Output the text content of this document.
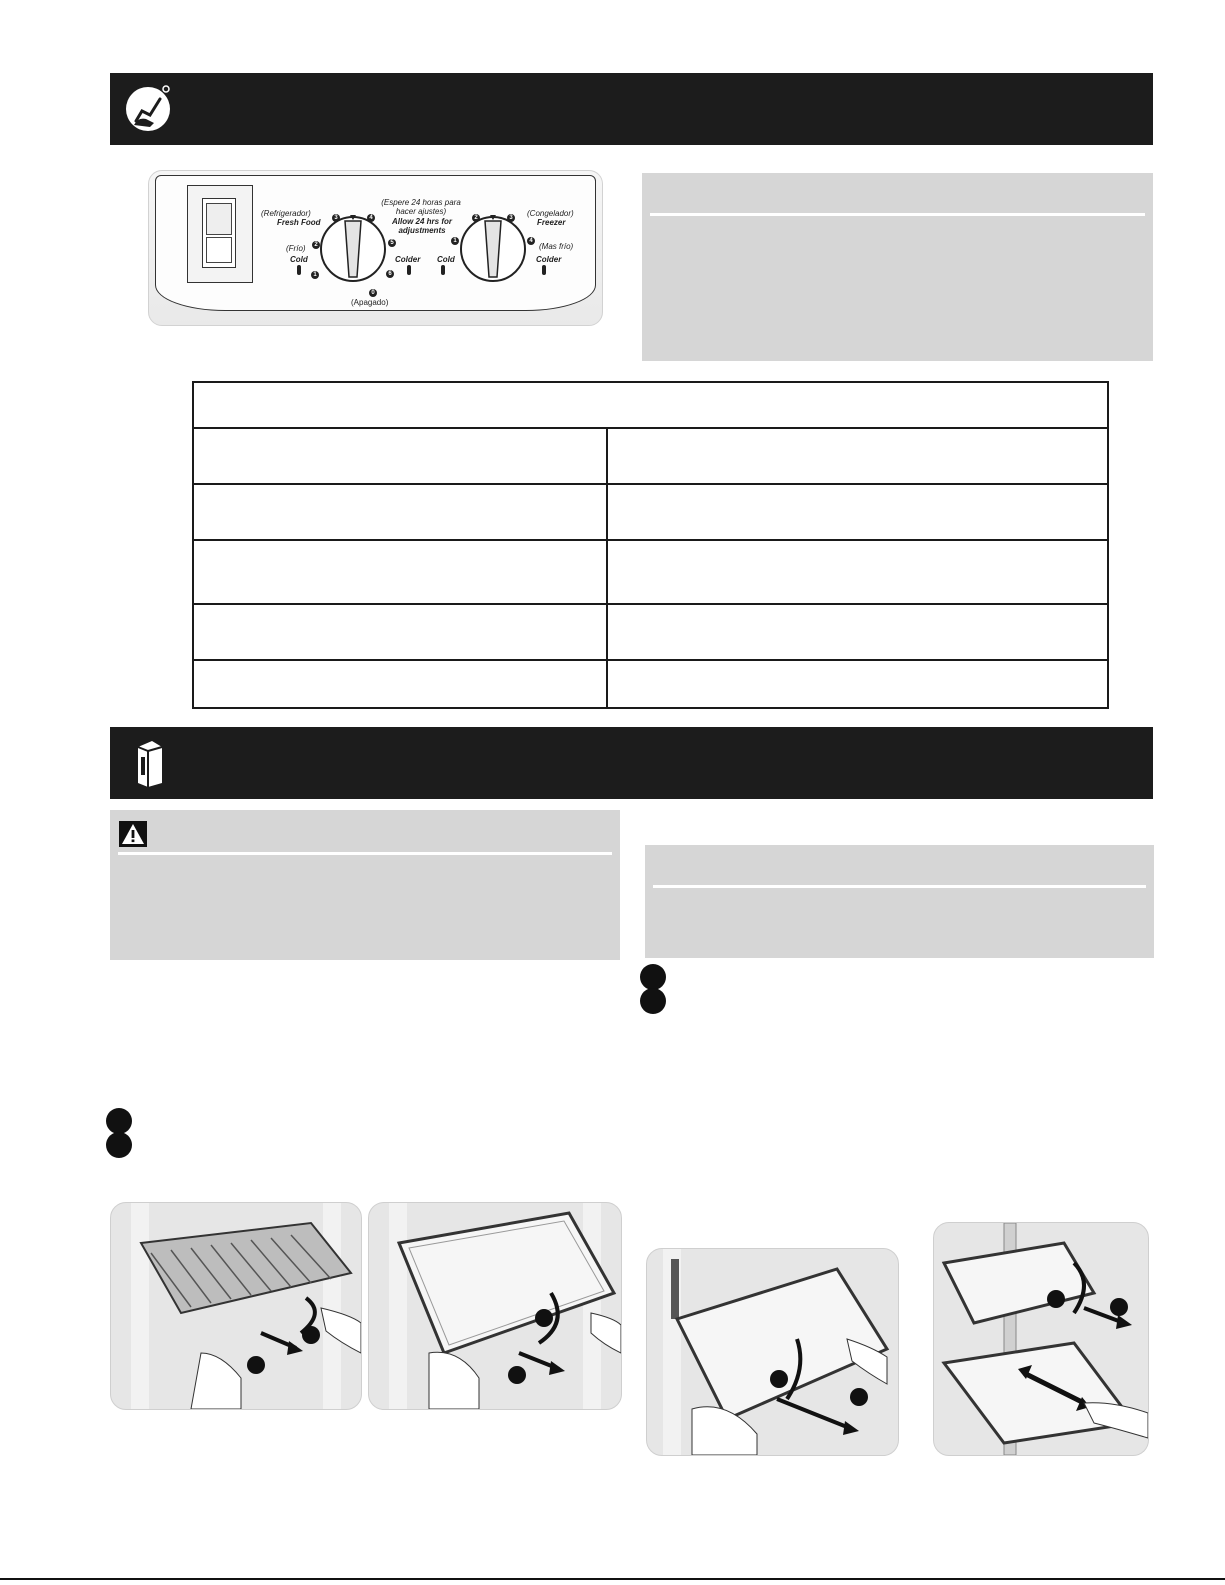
(Espere 24 horas para hacer ajustes)
Allow 24 hrs for adjustments
(Refrigerador)
Fresh Food
(Frío)
Cold	Colder
(Apagado)
1
2
3	4
5
6
0
Cold
(Congelador)
Freezer
(Mas frío)
Colder
1
2	3
4
